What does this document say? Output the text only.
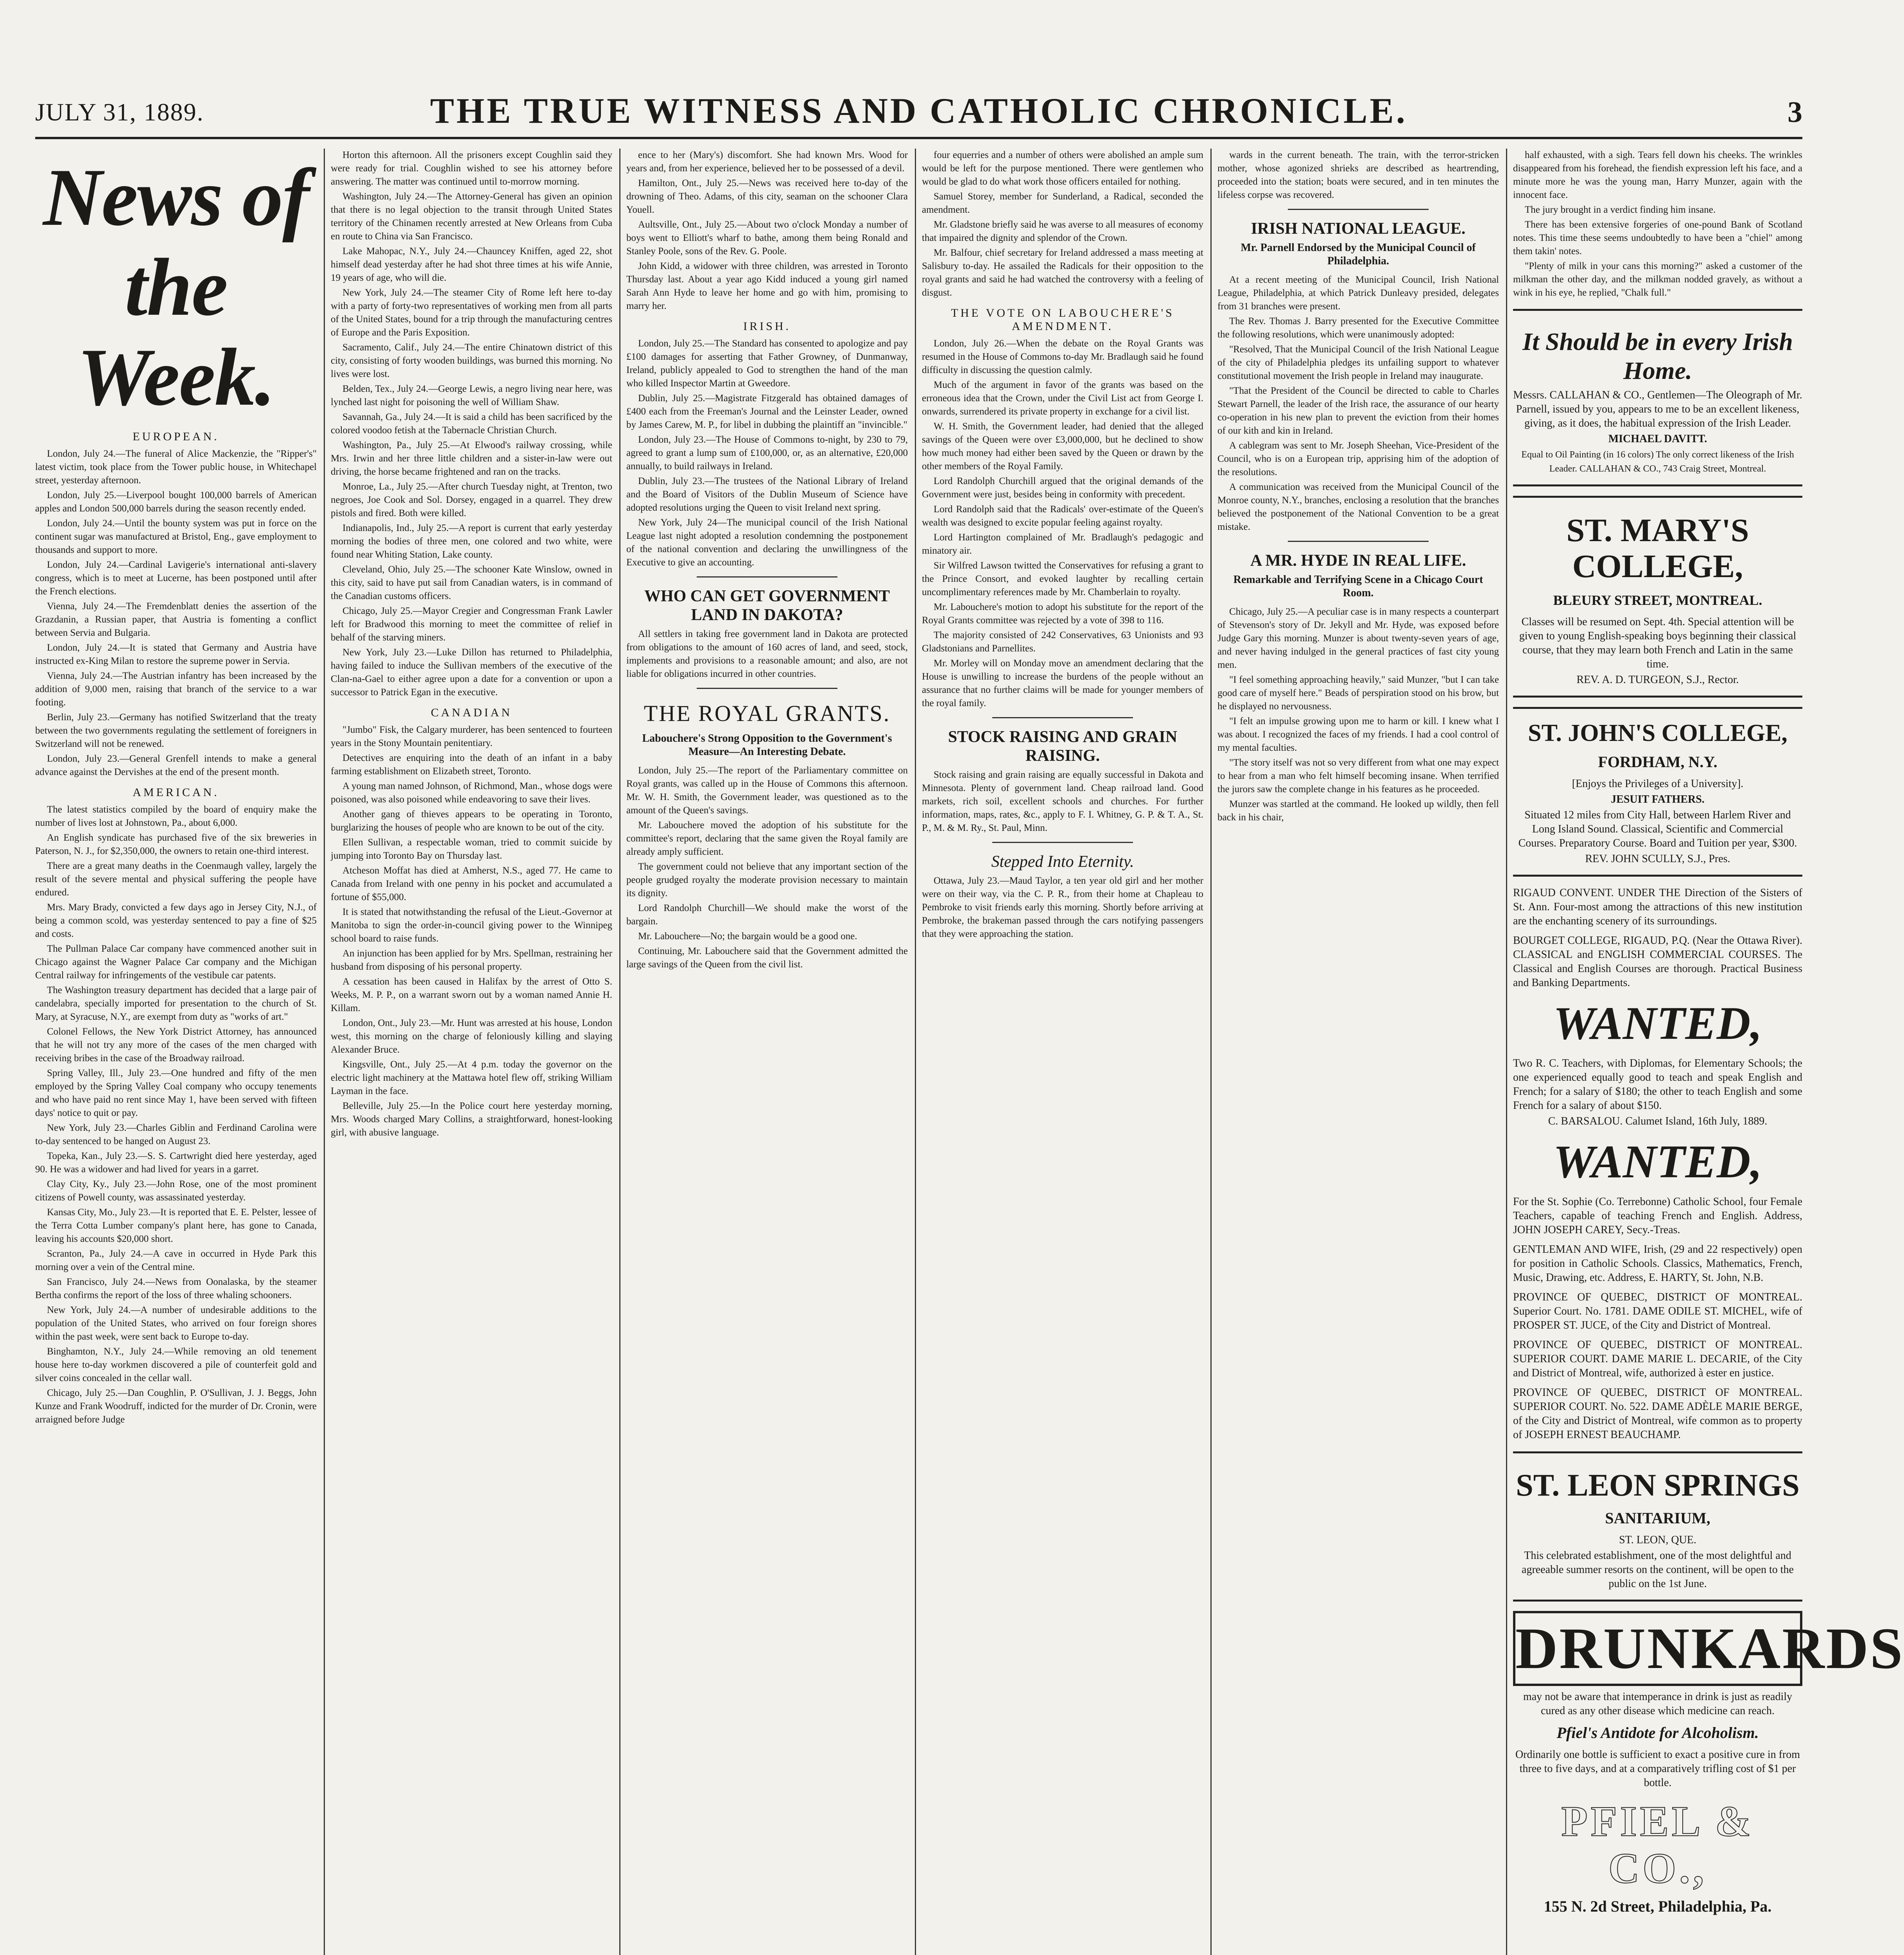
JULY 31, 1889.	THE TRUE WITNESS AND CATHOLIC CHRONICLE.	3
News of the Week.
EUROPEAN.

London, July 24.—The funeral of Alice Mackenzie, the "Ripper's" latest victim, took place from the Tower public house, in Whitechapel street, yesterday afternoon.

London, July 25.—Liverpool bought 100,000 barrels of American apples and London 500,000 barrels during the season recently ended.

London, July 24.—Until the bounty system was put in force on the continent sugar was manufactured at Bristol, Eng., gave employment to thousands and support to more.

London, July 24.—Cardinal Lavigerie's international anti-slavery congress, which is to meet at Lucerne, has been postponed until after the French elections.

Vienna, July 24.—The Fremdenblatt denies the assertion of the Grazdanin, a Russian paper, that Austria is fomenting a conflict between Servia and Bulgaria.

London, July 24.—It is stated that Germany and Austria have instructed ex-King Milan to restore the supreme power in Servia.

Vienna, July 24.—The Austrian infantry has been increased by the addition of 9,000 men, raising that branch of the service to a war footing.

Berlin, July 23.—Germany has notified Switzerland that the treaty between the two governments regulating the settlement of foreigners in Switzerland will not be renewed.

London, July 23.—General Grenfell intends to make a general advance against the Dervishes at the end of the present month.

AMERICAN.

The latest statistics compiled by the board of enquiry make the number of lives lost at Johnstown, Pa., about 6,000.

An English syndicate has purchased five of the six breweries in Paterson, N. J., for $2,350,000, the owners to retain one-third interest.

There are a great many deaths in the Coenmaugh valley, largely the result of the severe mental and physical suffering the people have endured.

Mrs. Mary Brady, convicted a few days ago in Jersey City, N.J., of being a common scold, was yesterday sentenced to pay a fine of $25 and costs.

The Pullman Palace Car company have commenced another suit in Chicago against the Wagner Palace Car company and the Michigan Central railway for infringements of the vestibule car patents.

The Washington treasury department has decided that a large pair of candelabra, specially imported for presentation to the church of St. Mary, at Syracuse, N.Y., are exempt from duty as "works of art."

Colonel Fellows, the New York District Attorney, has announced that he will not try any more of the cases of the men charged with receiving bribes in the case of the Broadway railroad.

Spring Valley, Ill., July 23.—One hundred and fifty of the men employed by the Spring Valley Coal company who occupy tenements and who have paid no rent since May 1, have been served with fifteen days' notice to quit or pay.

New York, July 23.—Charles Giblin and Ferdinand Carolina were to-day sentenced to be hanged on August 23.

Topeka, Kan., July 23.—S. S. Cartwright died here yesterday, aged 90. He was a widower and had lived for years in a garret.

Clay City, Ky., July 23.—John Rose, one of the most prominent citizens of Powell county, was assassinated yesterday.

Kansas City, Mo., July 23.—It is reported that E. E. Pelster, lessee of the Terra Cotta Lumber company's plant here, has gone to Canada, leaving his accounts $20,000 short.

Scranton, Pa., July 24.—A cave in occurred in Hyde Park this morning over a vein of the Central mine.

San Francisco, July 24.—News from Oonalaska, by the steamer Bertha confirms the report of the loss of three whaling schooners.

New York, July 24.—A number of undesirable additions to the population of the United States, who arrived on four foreign shores within the past week, were sent back to Europe to-day.

Binghamton, N.Y., July 24.—While removing an old tenement house here to-day workmen discovered a pile of counterfeit gold and silver coins concealed in the cellar wall.

Chicago, July 25.—Dan Coughlin, P. O'Sullivan, J. J. Beggs, John Kunze and Frank Woodruff, indicted for the murder of Dr. Cronin, were arraigned before Judge

Horton this afternoon. All the prisoners except Coughlin said they were ready for trial. Coughlin wished to see his attorney before answering. The matter was continued until to-morrow morning.

Washington, July 24.—The Attorney-General has given an opinion that there is no legal objection to the transit through United States territory of the Chinamen recently arrested at New Orleans from Cuba en route to China via San Francisco.

Lake Mahopac, N.Y., July 24.—Chauncey Kniffen, aged 22, shot himself dead yesterday after he had shot three times at his wife Annie, 19 years of age, who will die.

New York, July 24.—The steamer City of Rome left here to-day with a party of forty-two representatives of working men from all parts of the United States, bound for a trip through the manufacturing centres of Europe and the Paris Exposition.

Sacramento, Calif., July 24.—The entire Chinatown district of this city, consisting of forty wooden buildings, was burned this morning. No lives were lost.

Belden, Tex., July 24.—George Lewis, a negro living near here, was lynched last night for poisoning the well of William Shaw.

Savannah, Ga., July 24.—It is said a child has been sacrificed by the colored voodoo fetish at the Tabernacle Christian Church.

Washington, Pa., July 25.—At Elwood's railway crossing, while Mrs. Irwin and her three little children and a sister-in-law were out driving, the horse became frightened and ran on the tracks.

Monroe, La., July 25.—After church Tuesday night, at Trenton, two negroes, Joe Cook and Sol. Dorsey, engaged in a quarrel. They drew pistols and fired. Both were killed.

Indianapolis, Ind., July 25.—A report is current that early yesterday morning the bodies of three men, one colored and two white, were found near Whiting Station, Lake county.

Cleveland, Ohio, July 25.—The schooner Kate Winslow, owned in this city, said to have put sail from Canadian waters, is in command of the Canadian customs officers.

Chicago, July 25.—Mayor Cregier and Congressman Frank Lawler left for Bradwood this morning to meet the committee of relief in behalf of the starving miners.

New York, July 23.—Luke Dillon has returned to Philadelphia, having failed to induce the Sullivan members of the executive of the Clan-na-Gael to either agree upon a date for a convention or upon a successor to Patrick Egan in the executive.

CANADIAN

"Jumbo" Fisk, the Calgary murderer, has been sentenced to fourteen years in the Stony Mountain penitentiary.

Detectives are enquiring into the death of an infant in a baby farming establishment on Elizabeth street, Toronto.

A young man named Johnson, of Richmond, Man., whose dogs were poisoned, was also poisoned while endeavoring to save their lives.

Another gang of thieves appears to be operating in Toronto, burglarizing the houses of people who are known to be out of the city.

Ellen Sullivan, a respectable woman, tried to commit suicide by jumping into Toronto Bay on Thursday last.

Atcheson Moffat has died at Amherst, N.S., aged 77. He came to Canada from Ireland with one penny in his pocket and accumulated a fortune of $55,000.

It is stated that notwithstanding the refusal of the Lieut.-Governor at Manitoba to sign the order-in-council giving power to the Winnipeg school board to raise funds.

An injunction has been applied for by Mrs. Spellman, restraining her husband from disposing of his personal property.

A cessation has been caused in Halifax by the arrest of Otto S. Weeks, M. P. P., on a warrant sworn out by a woman named Annie H. Killam.

London, Ont., July 23.—Mr. Hunt was arrested at his house, London west, this morning on the charge of feloniously killing and slaying Alexander Bruce.

Kingsville, Ont., July 25.—At 4 p.m. today the governor on the electric light machinery at the Mattawa hotel flew off, striking William Layman in the face.

Belleville, July 25.—In the Police court here yesterday morning, Mrs. Woods charged Mary Collins, a straightforward, honest-looking girl, with abusive language.

ence to her (Mary's) discomfort. She had known Mrs. Wood for years and, from her experience, believed her to be possessed of a devil.

Hamilton, Ont., July 25.—News was received here to-day of the drowning of Theo. Adams, of this city, seaman on the schooner Clara Youell.

Aultsville, Ont., July 25.—About two o'clock Monday a number of boys went to Elliott's wharf to bathe, among them being Ronald and Stanley Poole, sons of the Rev. G. Poole.

John Kidd, a widower with three children, was arrested in Toronto Thursday last. About a year ago Kidd induced a young girl named Sarah Ann Hyde to leave her home and go with him, promising to marry her.

IRISH.

London, July 25.—The Standard has consented to apologize and pay £100 damages for asserting that Father Growney, of Dunmanway, Ireland, publicly appealed to God to strengthen the hand of the man who killed Inspector Martin at Gweedore.

Dublin, July 25.—Magistrate Fitzgerald has obtained damages of £400 each from the Freeman's Journal and the Leinster Leader, owned by James Carew, M. P., for libel in dubbing the plaintiff an "invincible."

London, July 23.—The House of Commons to-night, by 230 to 79, agreed to grant a lump sum of £100,000, or, as an alternative, £20,000 annually, to build railways in Ireland.

Dublin, July 23.—The trustees of the National Library of Ireland and the Board of Visitors of the Dublin Museum of Science have adopted resolutions urging the Queen to visit Ireland next spring.

New York, July 24—The municipal council of the Irish National League last night adopted a resolution condemning the postponement of the national convention and declaring the unwillingness of the Executive to give an accounting.

WHO CAN GET GOVERNMENT LAND IN DAKOTA?

All settlers in taking free government land in Dakota are protected from obligations to the amount of 160 acres of land, and seed, stock, implements and provisions to a reasonable amount; and also, are not liable for obligations incurred in other countries.

THE ROYAL GRANTS.
Labouchere's Strong Opposition to the Government's Measure—An Interesting Debate.

London, July 25.—The report of the Parliamentary committee on Royal grants, was called up in the House of Commons this afternoon. Mr. W. H. Smith, the Government leader, was questioned as to the amount of the Queen's savings.

Mr. Labouchere moved the adoption of his substitute for the committee's report, declaring that the same given the Royal family are already amply sufficient.

The government could not believe that any important section of the people grudged royalty the moderate provision necessary to maintain its dignity.

Lord Randolph Churchill—We should make the worst of the bargain.

Mr. Labouchere—No; the bargain would be a good one.

Continuing, Mr. Labouchere said that the Government admitted the large savings of the Queen from the civil list.

four equerries and a number of others were abolished an ample sum would be left for the purpose mentioned. There were gentlemen who would be glad to do what work those officers entailed for nothing.

Samuel Storey, member for Sunderland, a Radical, seconded the amendment.

Mr. Gladstone briefly said he was averse to all measures of economy that impaired the dignity and splendor of the Crown.

Mr. Balfour, chief secretary for Ireland addressed a mass meeting at Salisbury to-day. He assailed the Radicals for their opposition to the royal grants and said he had watched the controversy with a feeling of disgust.

THE VOTE ON LABOUCHERE'S AMENDMENT.

London, July 26.—When the debate on the Royal Grants was resumed in the House of Commons to-day Mr. Bradlaugh said he found difficulty in discussing the question calmly.

Much of the argument in favor of the grants was based on the erroneous idea that the Crown, under the Civil List act from George I. onwards, surrendered its private property in exchange for a civil list.

W. H. Smith, the Government leader, had denied that the alleged savings of the Queen were over £3,000,000, but he declined to show how much money had either been saved by the Queen or drawn by the other members of the Royal Family.

Lord Randolph Churchill argued that the original demands of the Government were just, besides being in conformity with precedent.

Lord Randolph said that the Radicals' over-estimate of the Queen's wealth was designed to excite popular feeling against royalty.

Lord Hartington complained of Mr. Bradlaugh's pedagogic and minatory air.

Sir Wilfred Lawson twitted the Conservatives for refusing a grant to the Prince Consort, and evoked laughter by recalling certain uncomplimentary references made by Mr. Chamberlain to royalty.

Mr. Labouchere's motion to adopt his substitute for the report of the Royal Grants committee was rejected by a vote of 398 to 116.

The majority consisted of 242 Conservatives, 63 Unionists and 93 Gladstonians and Parnellites.

Mr. Morley will on Monday move an amendment declaring that the House is unwilling to increase the burdens of the people without an assurance that no further claims will be made for younger members of the royal family.

STOCK RAISING AND GRAIN RAISING.

Stock raising and grain raising are equally successful in Dakota and Minnesota. Plenty of government land. Cheap railroad land. Good markets, rich soil, excellent schools and churches. For further information, maps, rates, &c., apply to F. I. Whitney, G. P. & T. A., St. P., M. & M. Ry., St. Paul, Minn.

Stepped Into Eternity.

Ottawa, July 23.—Maud Taylor, a ten year old girl and her mother were on their way, via the C. P. R., from their home at Chapleau to Pembroke to visit friends early this morning. Shortly before arriving at Pembroke, the brakeman passed through the cars notifying passengers that they were approaching the station.

wards in the current beneath. The train, with the terror-stricken mother, whose agonized shrieks are described as heartrending, proceeded into the station; boats were secured, and in ten minutes the lifeless corpse was recovered.

IRISH NATIONAL LEAGUE.
Mr. Parnell Endorsed by the Municipal Council of Philadelphia.

At a recent meeting of the Municipal Council, Irish National League, Philadelphia, at which Patrick Dunleavy presided, delegates from 31 branches were present.

The Rev. Thomas J. Barry presented for the Executive Committee the following resolutions, which were unanimously adopted:

"Resolved, That the Municipal Council of the Irish National League of the city of Philadelphia pledges its unfailing support to whatever constitutional movement the Irish people in Ireland may inaugurate.

"That the President of the Council be directed to cable to Charles Stewart Parnell, the leader of the Irish race, the assurance of our hearty co-operation in his new plan to prevent the eviction from their homes of our kith and kin in Ireland.

A cablegram was sent to Mr. Joseph Sheehan, Vice-President of the Council, who is on a European trip, apprising him of the adoption of the resolutions.

A communication was received from the Municipal Council of the Monroe county, N.Y., branches, enclosing a resolution that the branches believed the postponement of the National Convention to be a great mistake.

A MR. HYDE IN REAL LIFE.
Remarkable and Terrifying Scene in a Chicago Court Room.

Chicago, July 25.—A peculiar case is in many respects a counterpart of Stevenson's story of Dr. Jekyll and Mr. Hyde, was exposed before Judge Gary this morning. Munzer is about twenty-seven years of age, and never having indulged in the general practices of fast city young men.

"I feel something approaching heavily," said Munzer, "but I can take good care of myself here." Beads of perspiration stood on his brow, but he displayed no nervousness.

"I felt an impulse growing upon me to harm or kill. I knew what I was about. I recognized the faces of my friends. I had a cool control of my mental faculties.

"The story itself was not so very different from what one may expect to hear from a man who felt himself becoming insane. When terrified the jurors saw the complete change in his features as he proceeded.

Munzer was startled at the command. He looked up wildly, then fell back in his chair,

half exhausted, with a sigh. Tears fell down his cheeks. The wrinkles disappeared from his forehead, the fiendish expression left his face, and a minute more he was the young man, Harry Munzer, again with the innocent face.

The jury brought in a verdict finding him insane.

There has been extensive forgeries of one-pound Bank of Scotland notes. This time these seems undoubtedly to have been a "chiel" among them takin' notes.

"Plenty of milk in your cans this morning?" asked a customer of the milkman the other day, and the milkman nodded gravely, as without a wink in his eye, he replied, "Chalk full."

It Should be in every Irish Home.
Messrs. CALLAHAN & CO., Gentlemen—The Oleograph of Mr. Parnell, issued by you, appears to me to be an excellent likeness, giving, as it does, the habitual expression of the Irish Leader.
MICHAEL DAVITT.
Equal to Oil Painting (in 16 colors) The only correct likeness of the Irish Leader. CALLAHAN & CO., 743 Craig Street, Montreal.
ST. MARY'S COLLEGE,
BLEURY STREET, MONTREAL.
Classes will be resumed on Sept. 4th. Special attention will be given to young English-speaking boys beginning their classical course, that they may learn both French and Latin in the same time.
REV. A. D. TURGEON, S.J., Rector.
ST. JOHN'S COLLEGE,
FORDHAM, N.Y.
[Enjoys the Privileges of a University].
JESUIT FATHERS.
Situated 12 miles from City Hall, between Harlem River and Long Island Sound. Classical, Scientific and Commercial Courses. Preparatory Course. Board and Tuition per year, $300.
REV. JOHN SCULLY, S.J., Pres.
RIGAUD CONVENT. UNDER THE Direction of the Sisters of St. Ann. Four-most among the attractions of this new institution are the enchanting scenery of its surroundings.
BOURGET COLLEGE, RIGAUD, P.Q. (Near the Ottawa River). CLASSICAL and ENGLISH COMMERCIAL COURSES. The Classical and English Courses are thorough. Practical Business and Banking Departments.
WANTED,
Two R. C. Teachers, with Diplomas, for Elementary Schools; the one experienced equally good to teach and speak English and French; for a salary of $180; the other to teach English and some French for a salary of about $150.
C. BARSALOU. Calumet Island, 16th July, 1889.
WANTED,
For the St. Sophie (Co. Terrebonne) Catholic School, four Female Teachers, capable of teaching French and English. Address, JOHN JOSEPH CAREY, Secy.-Treas.
GENTLEMAN AND WIFE, Irish, (29 and 22 respectively) open for position in Catholic Schools. Classics, Mathematics, French, Music, Drawing, etc. Address, E. HARTY, St. John, N.B.
PROVINCE OF QUEBEC, DISTRICT OF MONTREAL. Superior Court. No. 1781. DAME ODILE ST. MICHEL, wife of PROSPER ST. JUCE, of the City and District of Montreal.
PROVINCE OF QUEBEC, DISTRICT OF MONTREAL. SUPERIOR COURT. DAME MARIE L. DECARIE, of the City and District of Montreal, wife, authorized à ester en justice.
PROVINCE OF QUEBEC, DISTRICT OF MONTREAL. SUPERIOR COURT. No. 522. DAME ADÈLE MARIE BERGE, of the City and District of Montreal, wife common as to property of JOSEPH ERNEST BEAUCHAMP.
ST. LEON SPRINGS
SANITARIUM,
ST. LEON, QUE.
This celebrated establishment, one of the most delightful and agreeable summer resorts on the continent, will be open to the public on the 1st June.
DRUNKARDS
may not be aware that intemperance in drink is just as readily cured as any other disease which medicine can reach.
Pfiel's Antidote for Alcoholism.
Ordinarily one bottle is sufficient to exact a positive cure in from three to five days, and at a comparatively trifling cost of $1 per bottle.
PFIEL & CO.,
155 N. 2d Street, Philadelphia, Pa.
